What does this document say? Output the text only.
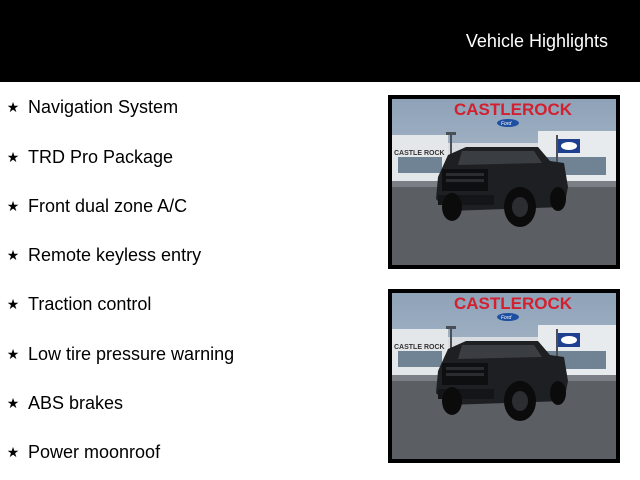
Vehicle Highlights
★ Navigation System
★ TRD Pro Package
★ Front dual zone A/C
★ Remote keyless entry
★ Traction control
★ Low tire pressure warning
★ ABS brakes
★ Power moonroof
CASTLE ROCK
CASTLEROCK
Ford
CASTLE ROCK
CASTLEROCK
Ford
